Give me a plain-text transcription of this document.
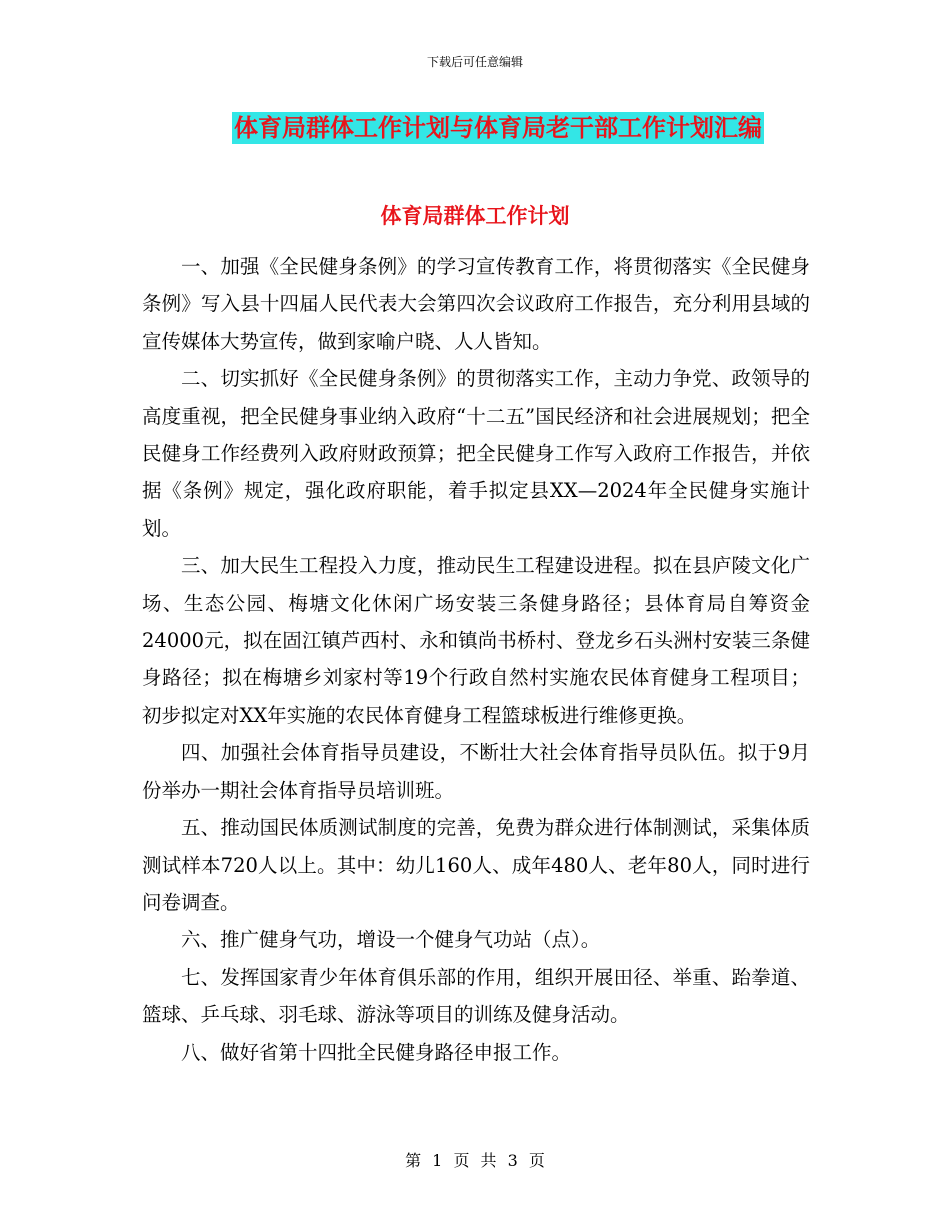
下载后可任意编辑
体育局群体工作计划与体育局老干部工作计划汇编
体育局群体工作计划

一、加强《全民健身条例》的学习宣传教育工作，将贯彻落实《全民健身条例》写入县十四届人民代表大会第四次会议政府工作报告，充分利用县域的宣传媒体大势宣传，做到家喻户晓、人人皆知。

二、切实抓好《全民健身条例》的贯彻落实工作，主动力争党、政领导的高度重视，把全民健身事业纳入政府“十二五”国民经济和社会进展规划；把全民健身工作经费列入政府财政预算；把全民健身工作写入政府工作报告，并依据《条例》规定，强化政府职能，着手拟定县XX—2024年全民健身实施计划。

三、加大民生工程投入力度，推动民生工程建设进程。拟在县庐陵文化广场、生态公园、梅塘文化休闲广场安装三条健身路径；县体育局自筹资金24000元，拟在固江镇芦西村、永和镇尚书桥村、登龙乡石头洲村安装三条健身路径；拟在梅塘乡刘家村等19个行政自然村实施农民体育健身工程项目；初步拟定对XX年实施的农民体育健身工程篮球板进行维修更换。

四、加强社会体育指导员建设，不断壮大社会体育指导员队伍。拟于9月份举办一期社会体育指导员培训班。

五、推动国民体质测试制度的完善，免费为群众进行体制测试，采集体质测试样本720人以上。其中：幼儿160人、成年480人、老年80人，同时进行问卷调查。

六、推广健身气功，增设一个健身气功站（点）。

七、发挥国家青少年体育俱乐部的作用，组织开展田径、举重、跆拳道、篮球、乒乓球、羽毛球、游泳等项目的训练及健身活动。

八、做好省第十四批全民健身路径申报工作。

第 1 页 共 3 页
